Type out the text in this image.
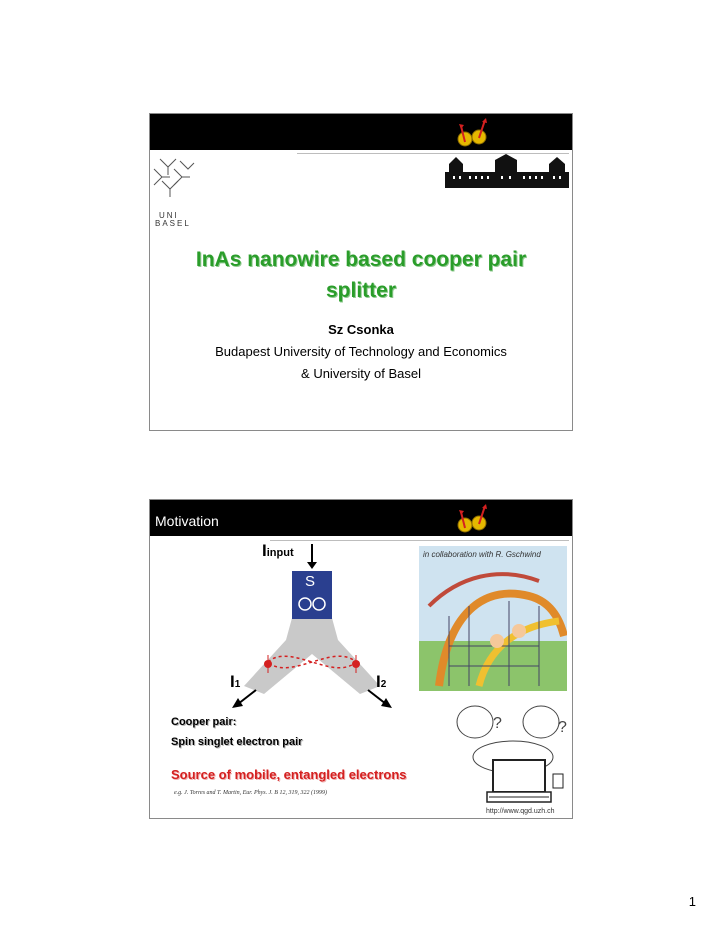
UNI
BASEL
InAs nanowire based cooper pair
splitter
Sz Csonka
Budapest University of Technology and Economics
& University of Basel
Motivation
Iinput
S
I1	I2
in collaboration with R. Gschwind
?	?
Cooper pair:
Spin singlet electron pair
Source of mobile, entangled electrons
e.g. J. Torres and T. Martin, Eur. Phys. J. B 12, 319, 322 (1999)
http://www.qgd.uzh.ch
1
